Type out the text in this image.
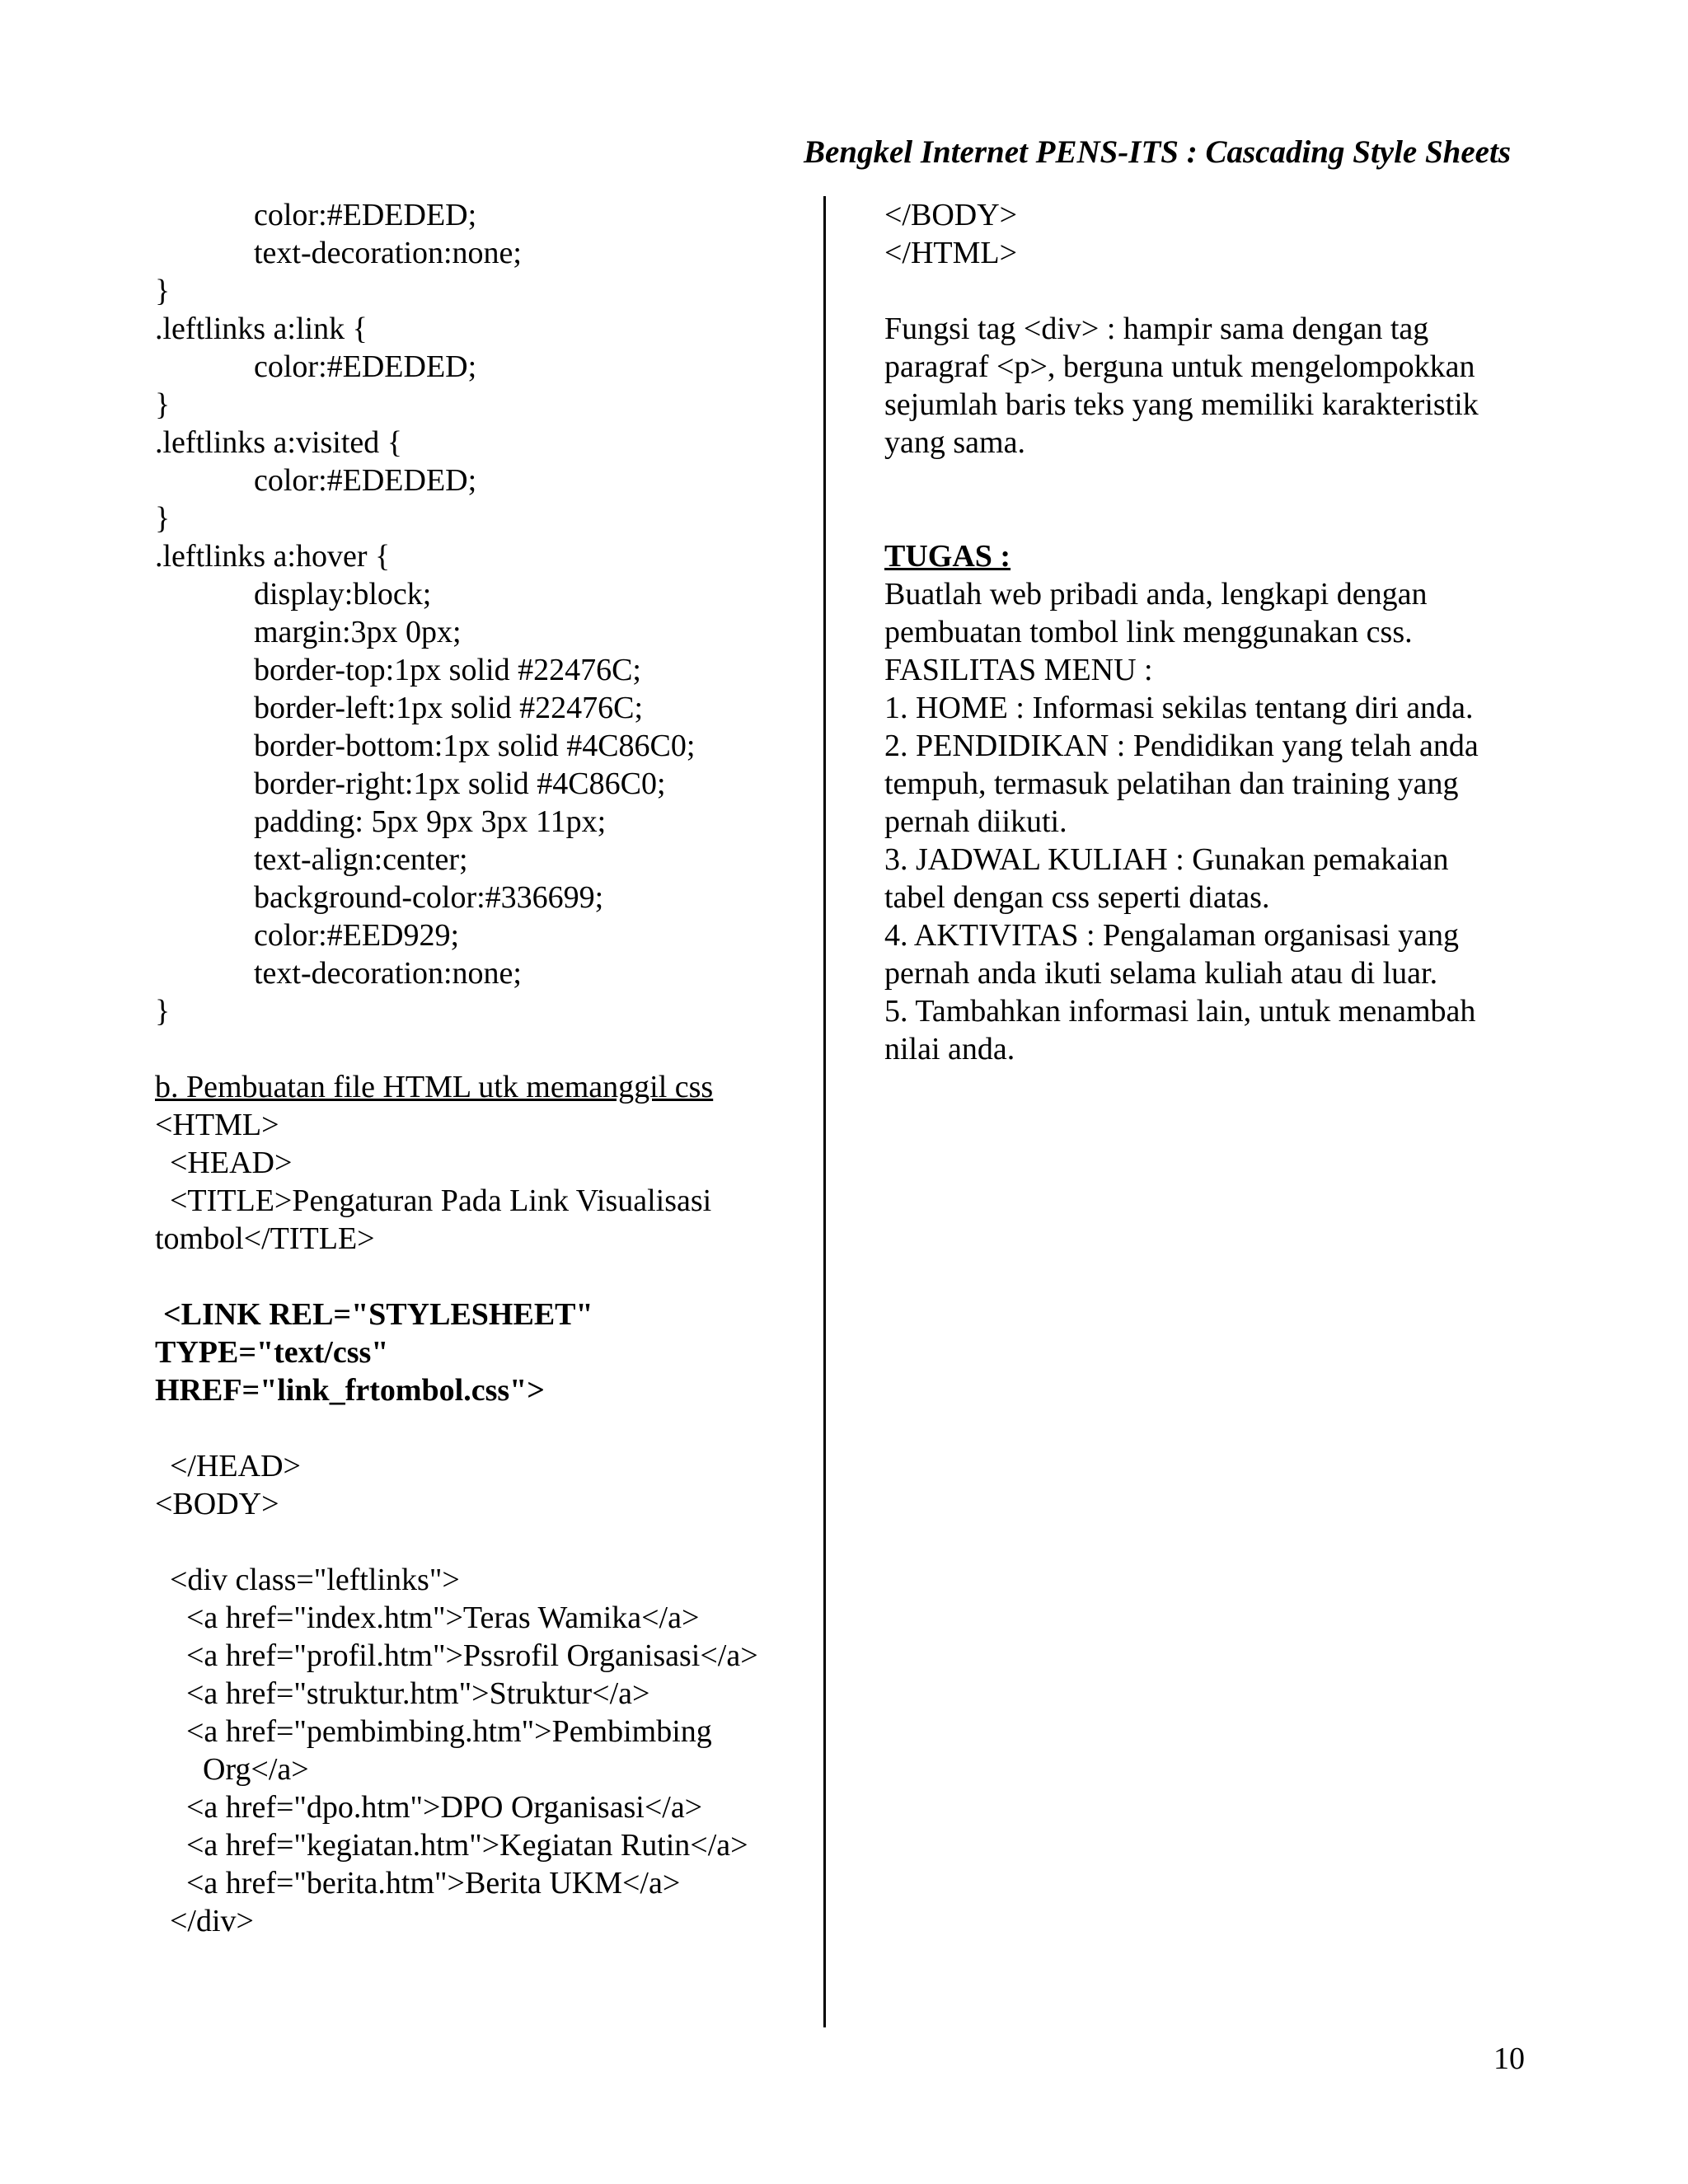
Bengkel Internet PENS-ITS : Cascading Style Sheets
color:#EDEDED;
text-decoration:none;
}
.leftlinks a:link {
color:#EDEDED;
}
.leftlinks a:visited {
color:#EDEDED;
}
.leftlinks a:hover {
display:block;
margin:3px 0px;
border-top:1px solid #22476C;
border-left:1px solid #22476C;
border-bottom:1px solid #4C86C0;
border-right:1px solid #4C86C0;
padding: 5px 9px 3px 11px;
text-align:center;
background-color:#336699;
color:#EED929;
text-decoration:none;
}
b. Pembuatan file HTML utk memanggil css
<HTML>
<HEAD>
<TITLE>Pengaturan Pada Link Visualisasi
tombol</TITLE>
<LINK REL="STYLESHEET"
TYPE="text/css"
HREF="link_frtombol.css">
</HEAD>
<BODY>
<div class="leftlinks">
<a href="index.htm">Teras Wamika</a>
<a href="profil.htm">Pssrofil Organisasi</a>
<a href="struktur.htm">Struktur</a>
<a href="pembimbing.htm">Pembimbing
Org</a>
<a href="dpo.htm">DPO Organisasi</a>
<a href="kegiatan.htm">Kegiatan Rutin</a>
<a href="berita.htm">Berita UKM</a>
</div>
</BODY>
</HTML>
Fungsi tag <div> : hampir sama dengan tag
paragraf <p>, berguna untuk mengelompokkan
sejumlah baris teks yang memiliki karakteristik
yang sama.
TUGAS :
Buatlah web pribadi anda, lengkapi dengan
pembuatan tombol link menggunakan css.
FASILITAS MENU :
1. HOME : Informasi sekilas tentang diri anda.
2. PENDIDIKAN : Pendidikan yang telah anda
tempuh, termasuk pelatihan dan training yang
pernah diikuti.
3. JADWAL KULIAH : Gunakan pemakaian
tabel dengan css seperti diatas.
4. AKTIVITAS : Pengalaman organisasi yang
pernah anda ikuti selama kuliah atau di luar.
5. Tambahkan informasi lain, untuk menambah
nilai anda.
10
